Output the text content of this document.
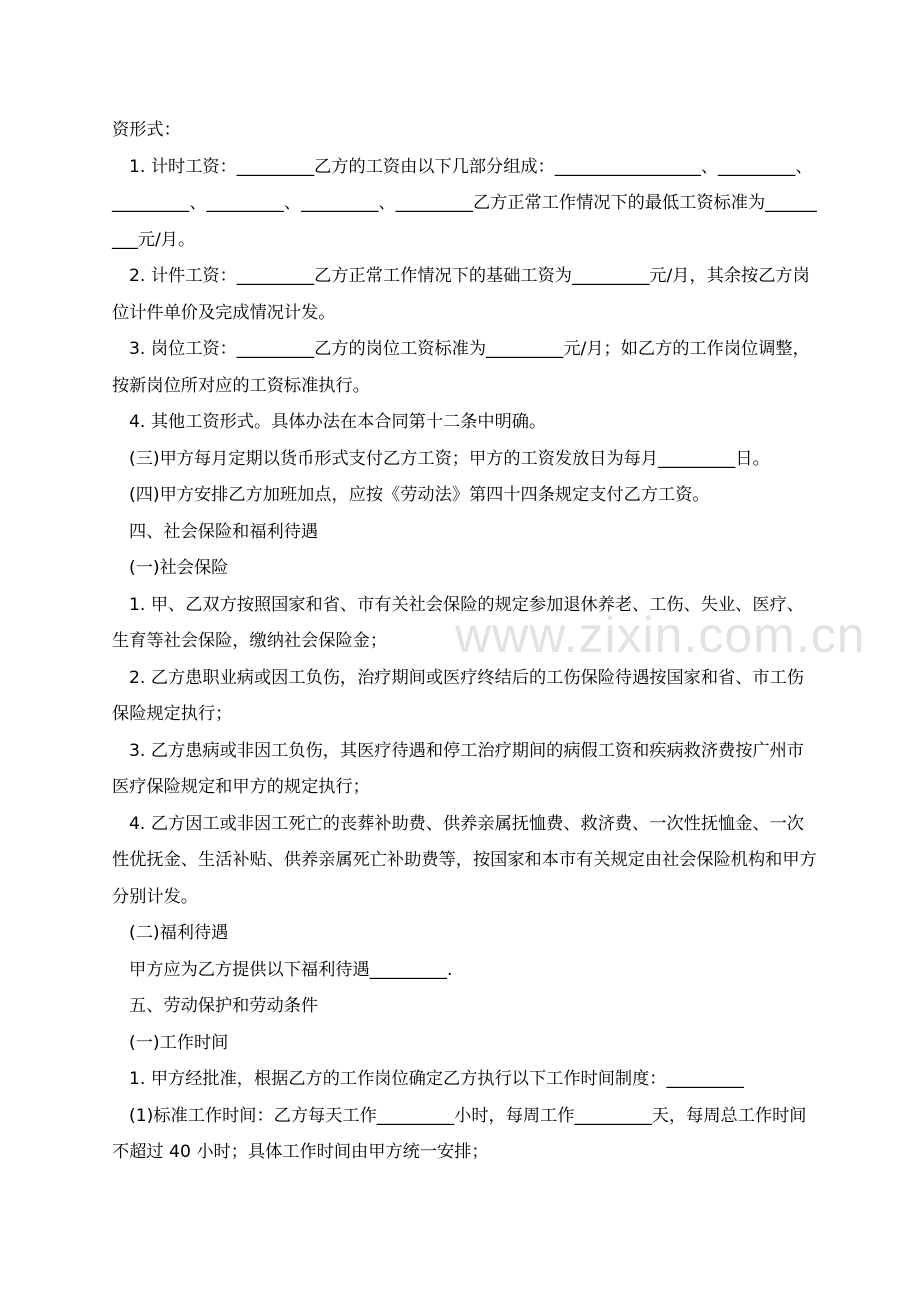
www.zixin.com.cn
资形式：
1. 计时工资：_________乙方的工资由以下几部分组成：_________________、_________、_________、_________、_________、_________乙方正常工作情况下的最低工资标准为_________元/月。
2. 计件工资：_________乙方正常工作情况下的基础工资为_________元/月，其余按乙方岗位计件单价及完成情况计发。
3. 岗位工资：_________乙方的岗位工资标准为_________元/月；如乙方的工作岗位调整，按新岗位所对应的工资标准执行。
4. 其他工资形式。具体办法在本合同第十二条中明确。
(三)甲方每月定期以货币形式支付乙方工资；甲方的工资发放日为每月_________日。
(四)甲方安排乙方加班加点，应按《劳动法》第四十四条规定支付乙方工资。
四、社会保险和福利待遇
(一)社会保险
1. 甲、乙双方按照国家和省、市有关社会保险的规定参加退休养老、工伤、失业、医疗、生育等社会保险，缴纳社会保险金；
2. 乙方患职业病或因工负伤，治疗期间或医疗终结后的工伤保险待遇按国家和省、市工伤保险规定执行；
3. 乙方患病或非因工负伤，其医疗待遇和停工治疗期间的病假工资和疾病救济费按广州市医疗保险规定和甲方的规定执行；
4. 乙方因工或非因工死亡的丧葬补助费、供养亲属抚恤费、救济费、一次性抚恤金、一次性优抚金、生活补贴、供养亲属死亡补助费等，按国家和本市有关规定由社会保险机构和甲方分别计发。
(二)福利待遇
甲方应为乙方提供以下福利待遇_________.
五、劳动保护和劳动条件
(一)工作时间
1. 甲方经批准，根据乙方的工作岗位确定乙方执行以下工作时间制度：_________
(1)标准工作时间：乙方每天工作_________小时，每周工作_________天，每周总工作时间不超过 40 小时；具体工作时间由甲方统一安排；
